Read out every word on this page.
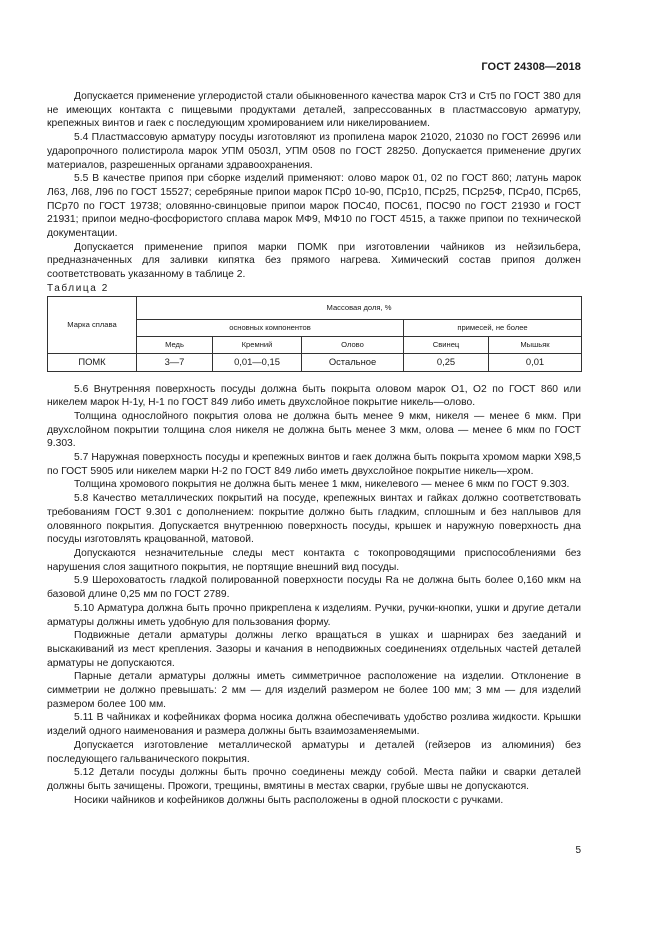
ГОСТ 24308—2018

Допускается применение углеродистой стали обыкновенного качества марок Ст3 и Ст5 по ГОСТ 380 для не имеющих контакта с пищевыми продуктами деталей, запрессованных в пластмассовую арматуру, крепежных винтов и гаек с последующим хромированием или никелированием.

5.4 Пластмассовую арматуру посуды изготовляют из пропилена марок 21020, 21030 по ГОСТ 26996 или ударопрочного полистирола марок УПМ 0503Л, УПМ 0508 по ГОСТ 28250. Допускается применение других материалов, разрешенных органами здравоохранения.

5.5 В качестве припоя при сборке изделий применяют: олово марок 01, 02 по ГОСТ 860; латунь марок Л63, Л68, Л96 по ГОСТ 15527; серебряные припои марок ПСр0 10-90, ПСр10, ПСр25, ПСр25Ф, ПСр40, ПСр65, ПСр70 по ГОСТ 19738; оловянно-свинцовые припои марок ПОС40, ПОС61, ПОС90 по ГОСТ 21930 и ГОСТ 21931; припои медно-фосфористого сплава марок МФ9, МФ10 по ГОСТ 4515, а также припои по технической документации.

Допускается применение припоя марки ПОМК при изготовлении чайников из нейзильбера, предназначенных для заливки кипятка без прямого нагрева. Химический состав припоя должен соответствовать указанному в таблице 2.

Таблица 2

Марка сплава	Массовая доля, %				
	основных компонентов			примесей, не более	
	Медь	Кремний	Олово	Свинец	Мышьяк
ПОМК	3—7	0,01—0,15	Остальное	0,25	0,01

5.6 Внутренняя поверхность посуды должна быть покрыта оловом марок О1, О2 по ГОСТ 860 или никелем марок Н-1у, Н-1 по ГОСТ 849 либо иметь двухслойное покрытие никель—олово.

Толщина однослойного покрытия олова не должна быть менее 9 мкм, никеля — менее 6 мкм. При двухслойном покрытии толщина слоя никеля не должна быть менее 3 мкм, олова — менее 6 мкм по ГОСТ 9.303.

5.7 Наружная поверхность посуды и крепежных винтов и гаек должна быть покрыта хромом марки Х98,5 по ГОСТ 5905 или никелем марки Н-2 по ГОСТ 849 либо иметь двухслойное покрытие никель—хром.

Толщина хромового покрытия не должна быть менее 1 мкм, никелевого — менее 6 мкм по ГОСТ 9.303.

5.8 Качество металлических покрытий на посуде, крепежных винтах и гайках должно соответствовать требованиям ГОСТ 9.301 с дополнением: покрытие должно быть гладким, сплошным и без наплывов для оловянного покрытия. Допускается внутреннюю поверхность посуды, крышек и наружную поверхность дна посуды изготовлять крацованной, матовой.

Допускаются незначительные следы мест контакта с токопроводящими приспособлениями без нарушения слоя защитного покрытия, не портящие внешний вид посуды.

5.9 Шероховатость гладкой полированной поверхности посуды Ra не должна быть более 0,160 мкм на базовой длине 0,25 мм по ГОСТ 2789.

5.10 Арматура должна быть прочно прикреплена к изделиям. Ручки, ручки-кнопки, ушки и другие детали арматуры должны иметь удобную для пользования форму.

Подвижные детали арматуры должны легко вращаться в ушках и шарнирах без заеданий и выскакиваний из мест крепления. Зазоры и качания в неподвижных соединениях отдельных частей деталей арматуры не допускаются.

Парные детали арматуры должны иметь симметричное расположение на изделии. Отклонение в симметрии не должно превышать: 2 мм — для изделий размером не более 100 мм; 3 мм — для изделий размером более 100 мм.

5.11 В чайниках и кофейниках форма носика должна обеспечивать удобство розлива жидкости. Крышки изделий одного наименования и размера должны быть взаимозаменяемыми.

Допускается изготовление металлической арматуры и деталей (гейзеров из алюминия) без последующего гальванического покрытия.

5.12 Детали посуды должны быть прочно соединены между собой. Места пайки и сварки деталей должны быть зачищены. Прожоги, трещины, вмятины в местах сварки, грубые швы не допускаются.

Носики чайников и кофейников должны быть расположены в одной плоскости с ручками.

5
